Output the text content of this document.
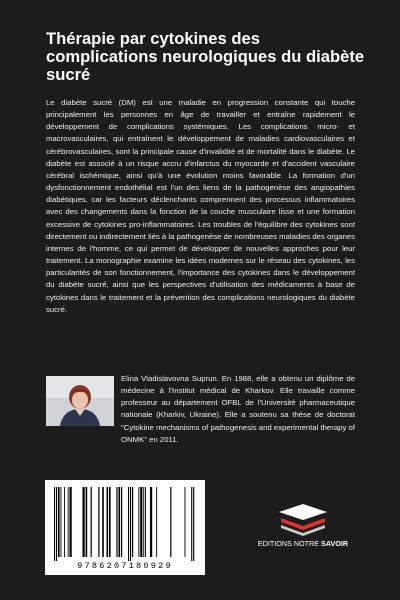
Thérapie par cytokines des complications neurologiques du diabète sucré

Le diabète sucré (DM) est une maladie en progression constante qui touche principalement les personnes en âge de travailler et entraîne rapidement le développement de complications systémiques. Les complications micro- et macrovasculaires, qui entraînent le développement de maladies cardiovasculaires et cérébrovasculaires, sont la principale cause d'invalidité et de mortalité dans le diabète. Le diabète est associé à un risque accru d'infarctus du myocarde et d'accident vasculaire cérébral ischémique, ainsi qu'à une évolution moins favorable. La formation d'un dysfonctionnement endothélial est l'un des liens de la pathogenèse des angiopathies diabétiques, car les facteurs déclenchants comprennent des processus inflammatoires avec des changements dans la fonction de la couche musculaire lisse et une formation excessive de cytokines pro-inflammatoires. Les troubles de l'équilibre des cytokines sont directement ou indirectement liés à la pathogenèse de nombreuses maladies des organes internes de l'homme, ce qui permet de développer de nouvelles approches pour leur traitement. La monographie examine les idées modernes sur le réseau des cytokines, les particularités de son fonctionnement, l'importance des cytokines dans le développement du diabète sucré, ainsi que les perspectives d'utilisation des médicaments à base de cytokines dans le traitement et la prévention des complications neurologiques du diabète sucré.

Elina Vladislavovna Suprun. En 1988, elle a obtenu un diplôme de médecine à l'Institut médical de Kharkov. Elle travaille comme professeur au département OFBL de l'Université pharmaceutique nationale (Kharkiv, Ukraine). Elle a soutenu sa thèse de doctorat "Cytokine mechanisms of pathogenesis and experimental therapy of ONMK" en 2011.

9786207180929
EDITIONS NOTRE SAVOIR
